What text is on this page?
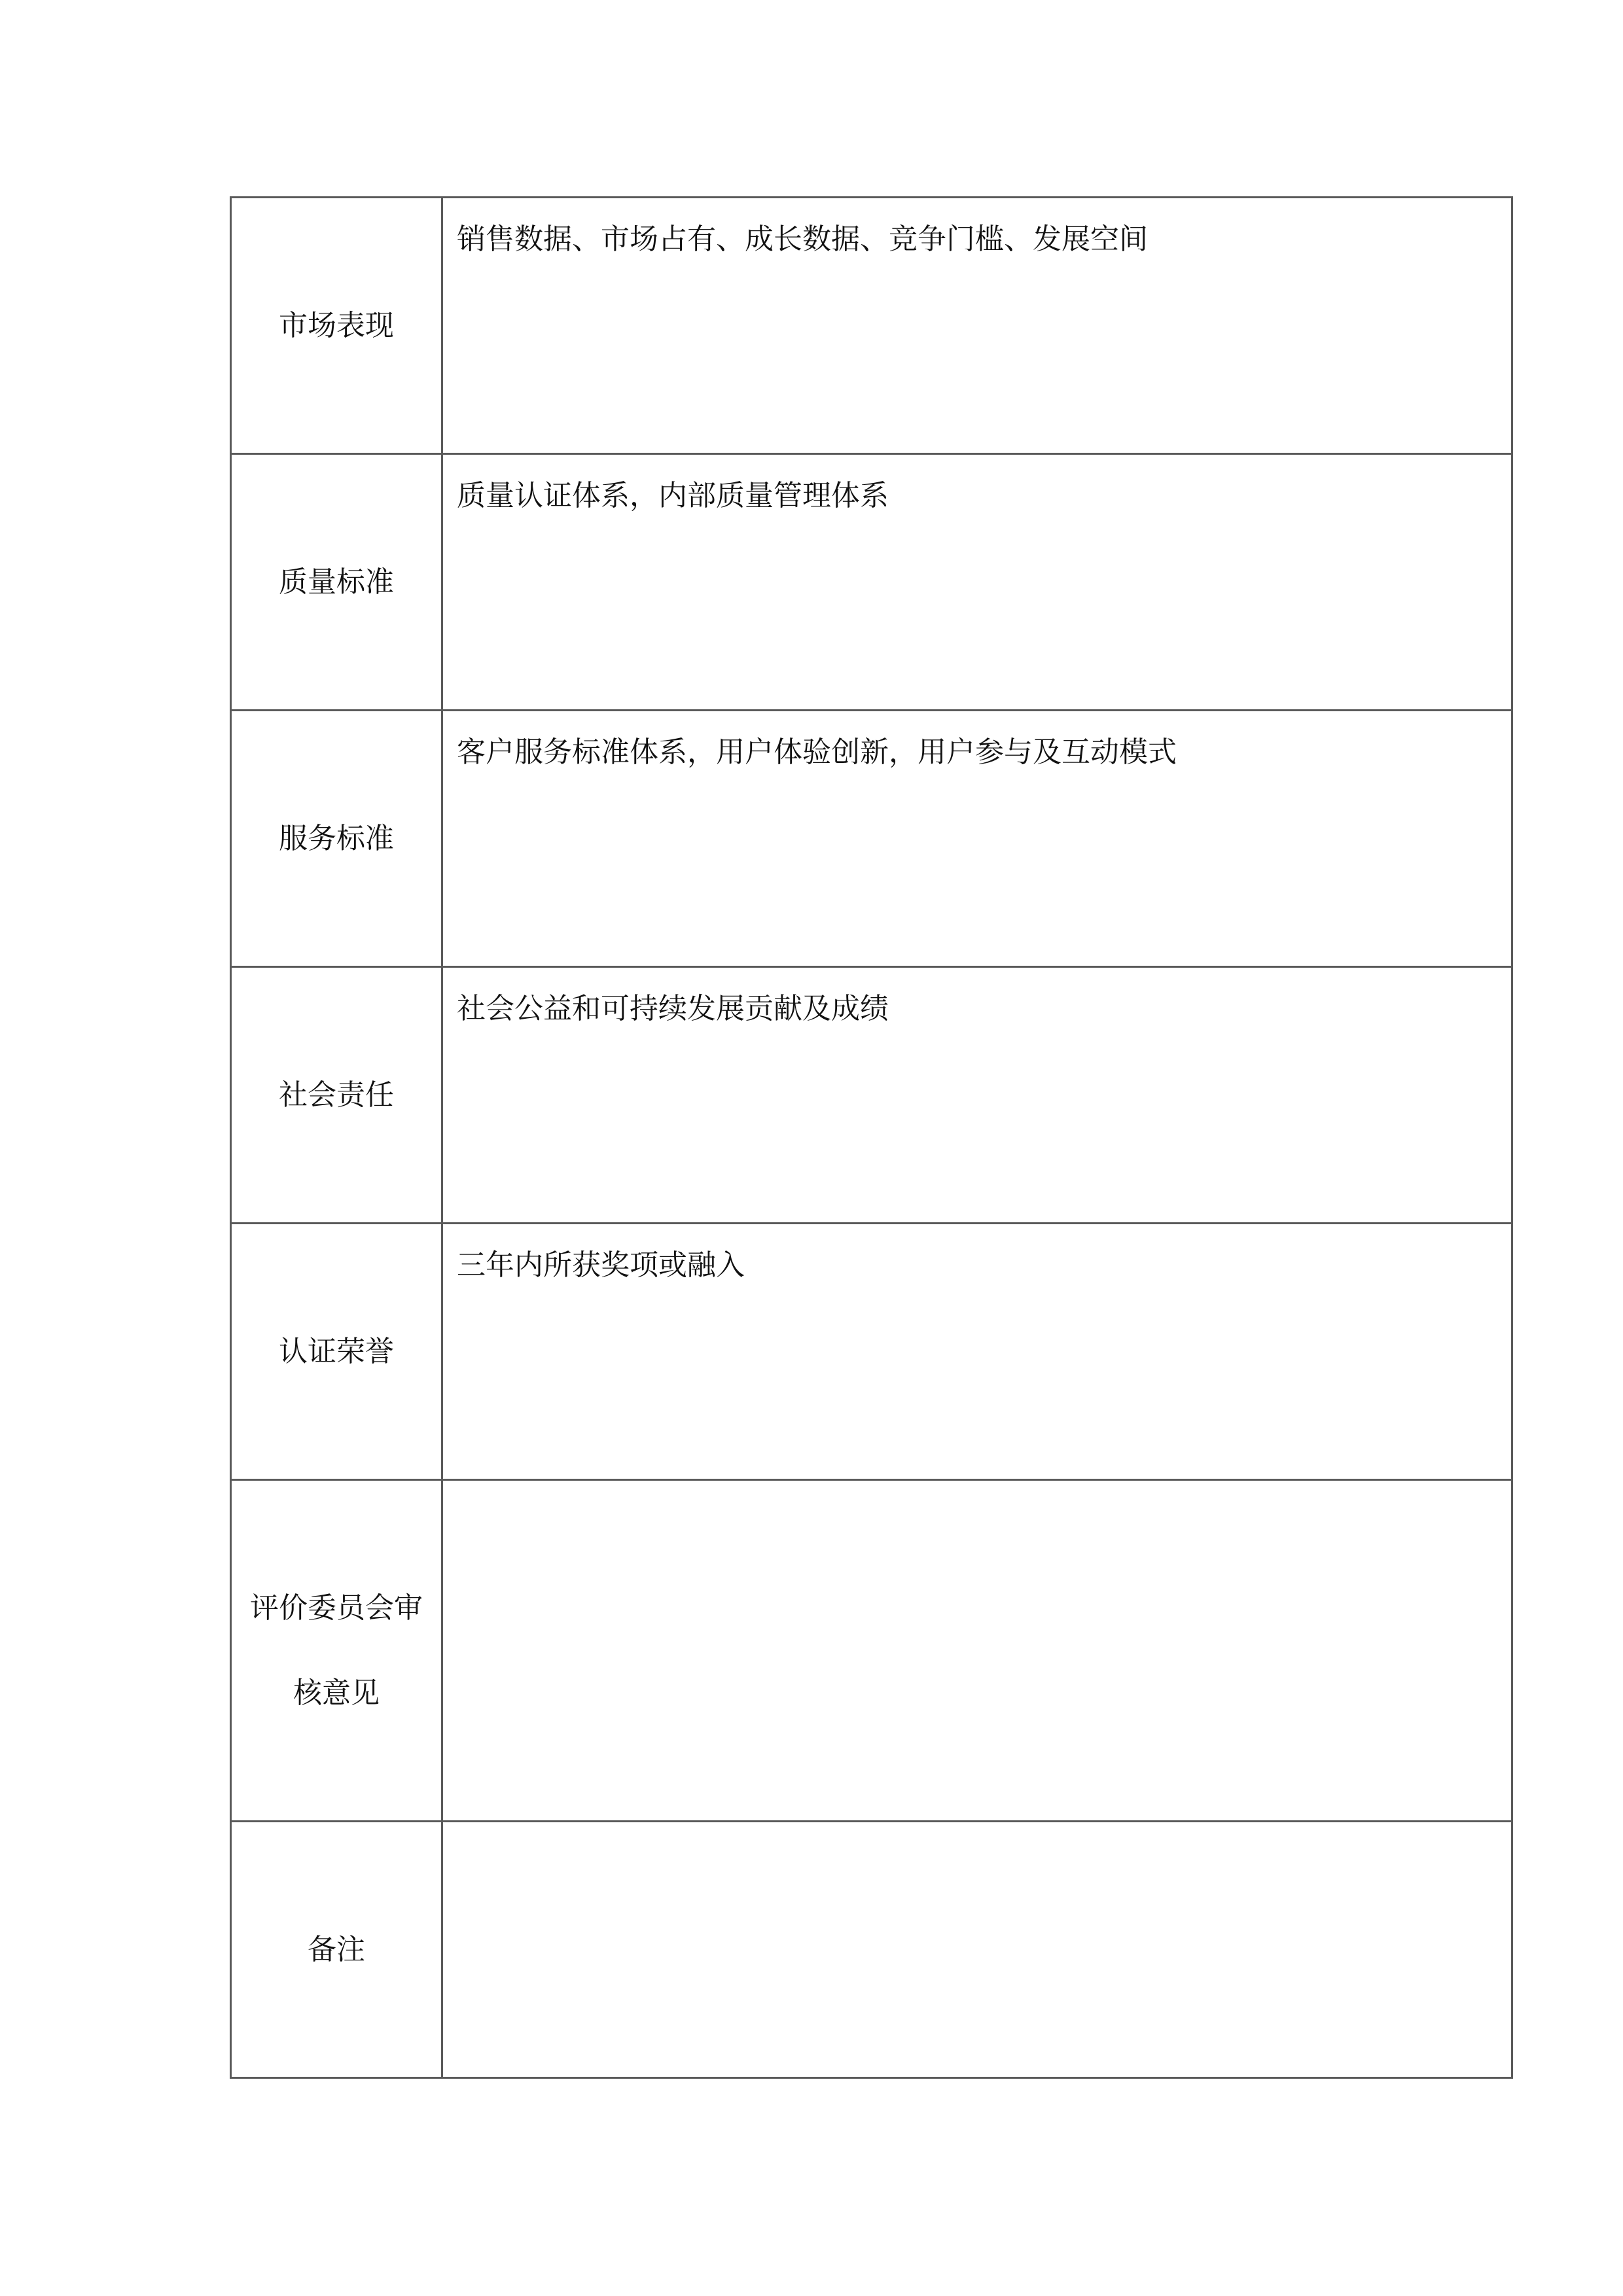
市场表现	销售数据、市场占有、成长数据、竞争门槛、发展空间
质量标准	质量认证体系，内部质量管理体系
服务标准	客户服务标准体系，用户体验创新，用户参与及互动模式
社会责任	社会公益和可持续发展贡献及成绩
认证荣誉	三年内所获奖项或融入

评价委员会审
核意见	

备注	
